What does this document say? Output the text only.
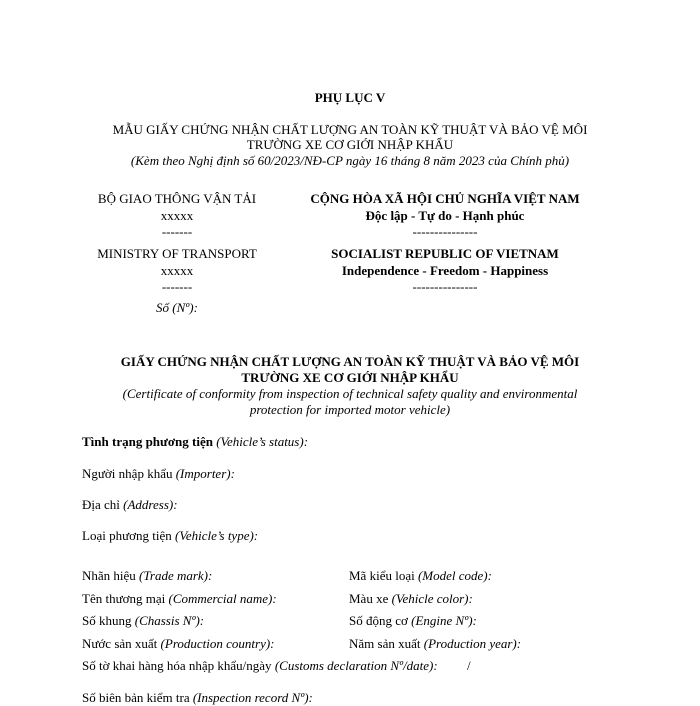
PHỤ LỤC V
MẪU GIẤY CHỨNG NHẬN CHẤT LƯỢNG AN TOÀN KỸ THUẬT VÀ BẢO VỆ MÔI
TRƯỜNG XE CƠ GIỚI NHẬP KHẨU
(Kèm theo Nghị định số 60/2023/NĐ-CP ngày 16 tháng 8 năm 2023 của Chính phủ)
BỘ GIAO THÔNG VẬN TẢI
xxxxx
-------
MINISTRY OF TRANSPORT
xxxxx
-------
Số (Nº):
CỘNG HÒA XÃ HỘI CHỦ NGHĨA VIỆT NAM
Độc lập - Tự do - Hạnh phúc
---------------
SOCIALIST REPUBLIC OF VIETNAM
Independence - Freedom - Happiness
---------------
GIẤY CHỨNG NHẬN CHẤT LƯỢNG AN TOÀN KỸ THUẬT VÀ BẢO VỆ MÔI
TRƯỜNG XE CƠ GIỚI NHẬP KHẨU
(Certificate of conformity from inspection of technical safety quality and environmental
protection for imported motor vehicle)
Tình trạng phương tiện (Vehicle’s status):
Người nhập khẩu (Importer):
Địa chỉ (Address):
Loại phương tiện (Vehicle’s type):
Nhãn hiệu (Trade mark):	Mã kiểu loại (Model code):
Tên thương mại (Commercial name):	Màu xe (Vehicle color):
Số khung (Chassis Nº):	Số động cơ (Engine Nº):
Nước sản xuất (Production country):	Năm sản xuất (Production year):
Số tờ khai hàng hóa nhập khẩu/ngày (Customs declaration Nº/date): /
Số biên bản kiểm tra (Inspection record Nº):
